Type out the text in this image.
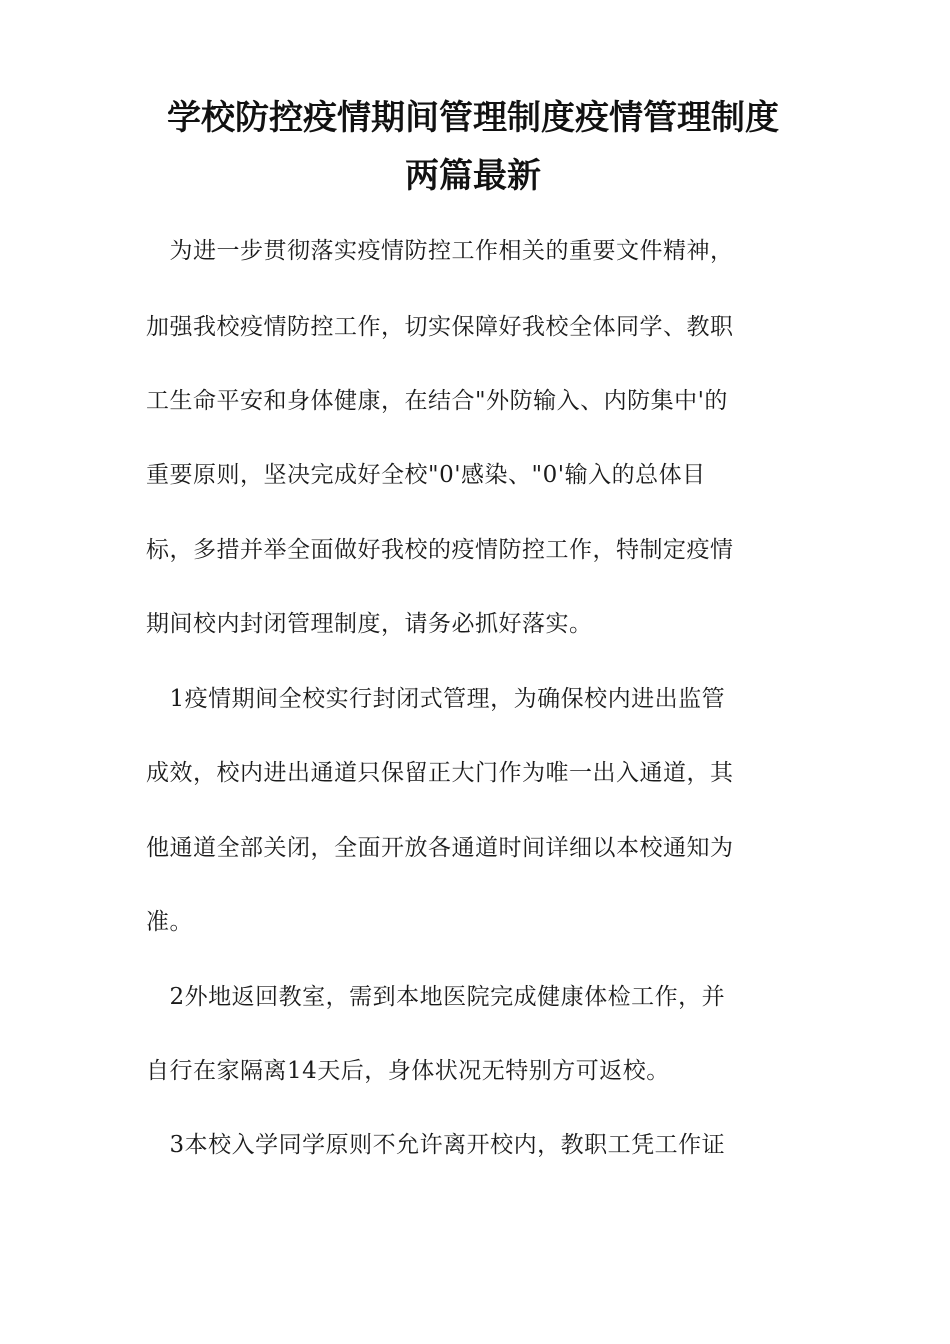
学校防控疫情期间管理制度疫情管理制度
两篇最新
　为进一步贯彻落实疫情防控工作相关的重要文件精神，
加强我校疫情防控工作，切实保障好我校全体同学、教职
工生命平安和身体健康，在结合"外防输入、内防集中'的
重要原则，坚决完成好全校"0'感染、"0'输入的总体目
标，多措并举全面做好我校的疫情防控工作，特制定疫情
期间校内封闭管理制度，请务必抓好落实。
　1疫情期间全校实行封闭式管理，为确保校内进出监管
成效，校内进出通道只保留正大门作为唯一出入通道，其
他通道全部关闭，全面开放各通道时间详细以本校通知为
准。
　2外地返回教室，需到本地医院完成健康体检工作，并
自行在家隔离14天后，身体状况无特别方可返校。
　3本校入学同学原则不允许离开校内，教职工凭工作证
